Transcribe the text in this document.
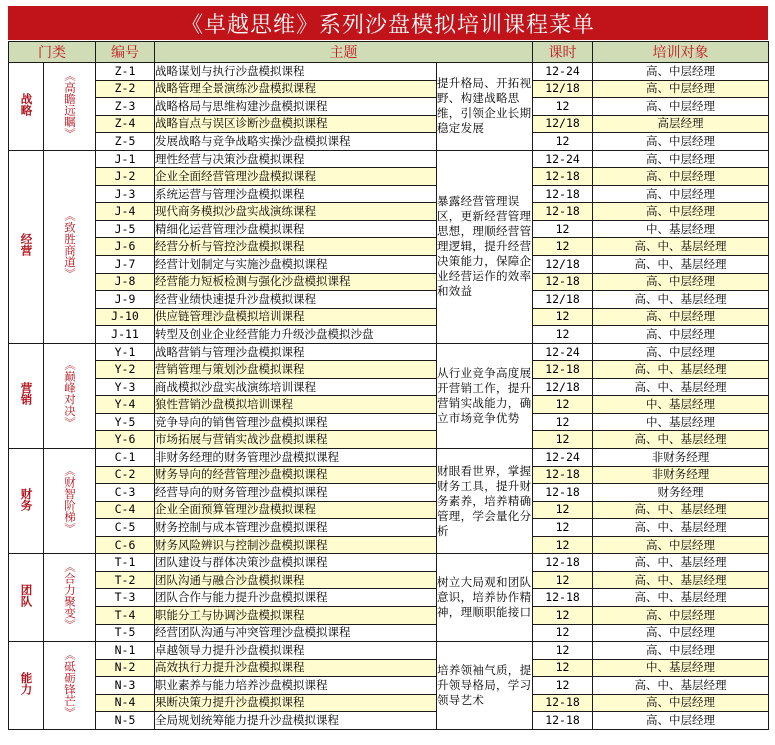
《卓越思维》系列沙盘模拟培训课程菜单
门类		编号	主题		课时	培训对象
战略	《高瞻远瞩》	Z-1	战略谋划与执行沙盘模拟课程	提升格局、开拓视野、构建战略思维，引领企业长期稳定发展	12-24	高、中层经理
		Z-2	战略管理全景演练沙盘模拟课程		12/18	高、中层经理
		Z-3	战略格局与思维构建沙盘模拟课程		12	高、中层经理
		Z-4	战略盲点与误区诊断沙盘模拟课程		12/18	高层经理
		Z-5	发展战略与竞争战略实操沙盘模拟课程		12	高、中层经理
经营	《致胜商道》	J-1	理性经营与决策沙盘模拟课程	暴露经营管理误区，更新经营管理思想，理顺经营管理逻辑，提升经营决策能力，保障企业经营运作的效率和效益	12-24	高、中层经理
		J-2	企业全面经营管理沙盘模拟课程		12-18	高、中层经理
		J-3	系统运营与管理沙盘模拟课程		12-18	高、中层经理
		J-4	现代商务模拟沙盘实战演练课程		12-18	高、中层经理
		J-5	精细化运营管理沙盘模拟课程		12	中、基层经理
		J-6	经营分析与管控沙盘模拟课程		12	高、中、基层经理
		J-7	经营计划制定与实施沙盘模拟课程		12/18	高、中、基层经理
		J-8	经营能力短板检测与强化沙盘模拟课程		12-18	高、中层经理
		J-9	经营业绩快速提升沙盘模拟课程		12/18	高、中、基层经理
		J-10	供应链管理沙盘模拟培训课程		12	高、中层经理
		J-11	转型及创业企业经营能力升级沙盘模拟沙盘		12	高、中层经理
营销	《巅峰对决》	Y-1	战略营销与管理沙盘模拟课程	从行业竞争高度展开营销工作，提升营销实战能力，确立市场竞争优势	12-24	高、中层经理
		Y-2	营销管理与策划沙盘模拟课程		12-18	高、中、基层经理
		Y-3	商战模拟沙盘实战演练培训课程		12/18	高、中、基层经理
		Y-4	狼性营销沙盘模拟培训课程		12	中、基层经理
		Y-5	竞争导向的销售管理沙盘模拟课程		12	中、基层经理
		Y-6	市场拓展与营销实战沙盘模拟课程		12	高、中、基层经理
财务	《财智阶梯》	C-1	非财务经理的财务管理沙盘模拟课程	财眼看世界，掌握财务工具，提升财务素养，培养精确管理，学会量化分析	12-24	非财务经理
		C-2	财务导向的经营管理沙盘模拟课程		12-18	非财务经理
		C-3	经营导向的财务管理沙盘模拟课程		12-18	财务经理
		C-4	企业全面预算管理沙盘模拟课程		12	高、中、基层经理
		C-5	财务控制与成本管理沙盘模拟课程		12	高、中、基层经理
		C-6	财务风险辨识与控制沙盘模拟课程		12	高、中层经理
团队	《合力聚变》	T-1	团队建设与群体决策沙盘模拟课程	树立大局观和团队意识，培养协作精神，理顺职能接口	12-18	高、中、基层经理
		T-2	团队沟通与融合沙盘模拟课程		12	高、中、基层经理
		T-3	团队合作与能力提升沙盘模拟课程		12-18	高、中、基层经理
		T-4	职能分工与协调沙盘模拟课程		12	高、中层经理
		T-5	经营团队沟通与冲突管理沙盘模拟课程		12	高、中层经理
能力	《砥砺锋芒》	N-1	卓越领导力提升沙盘模拟课程	培养领袖气质，提升领导格局，学习领导艺术	12	高、中层经理
		N-2	高效执行力提升沙盘模拟课程		12	中、基层经理
		N-3	职业素养与能力培养沙盘模拟课程		12	高、中、基层经理
		N-4	果断决策力提升沙盘模拟课程		12-18	高、中层经理
		N-5	全局规划统筹能力提升沙盘模拟课程		12-18	高、中层经理
